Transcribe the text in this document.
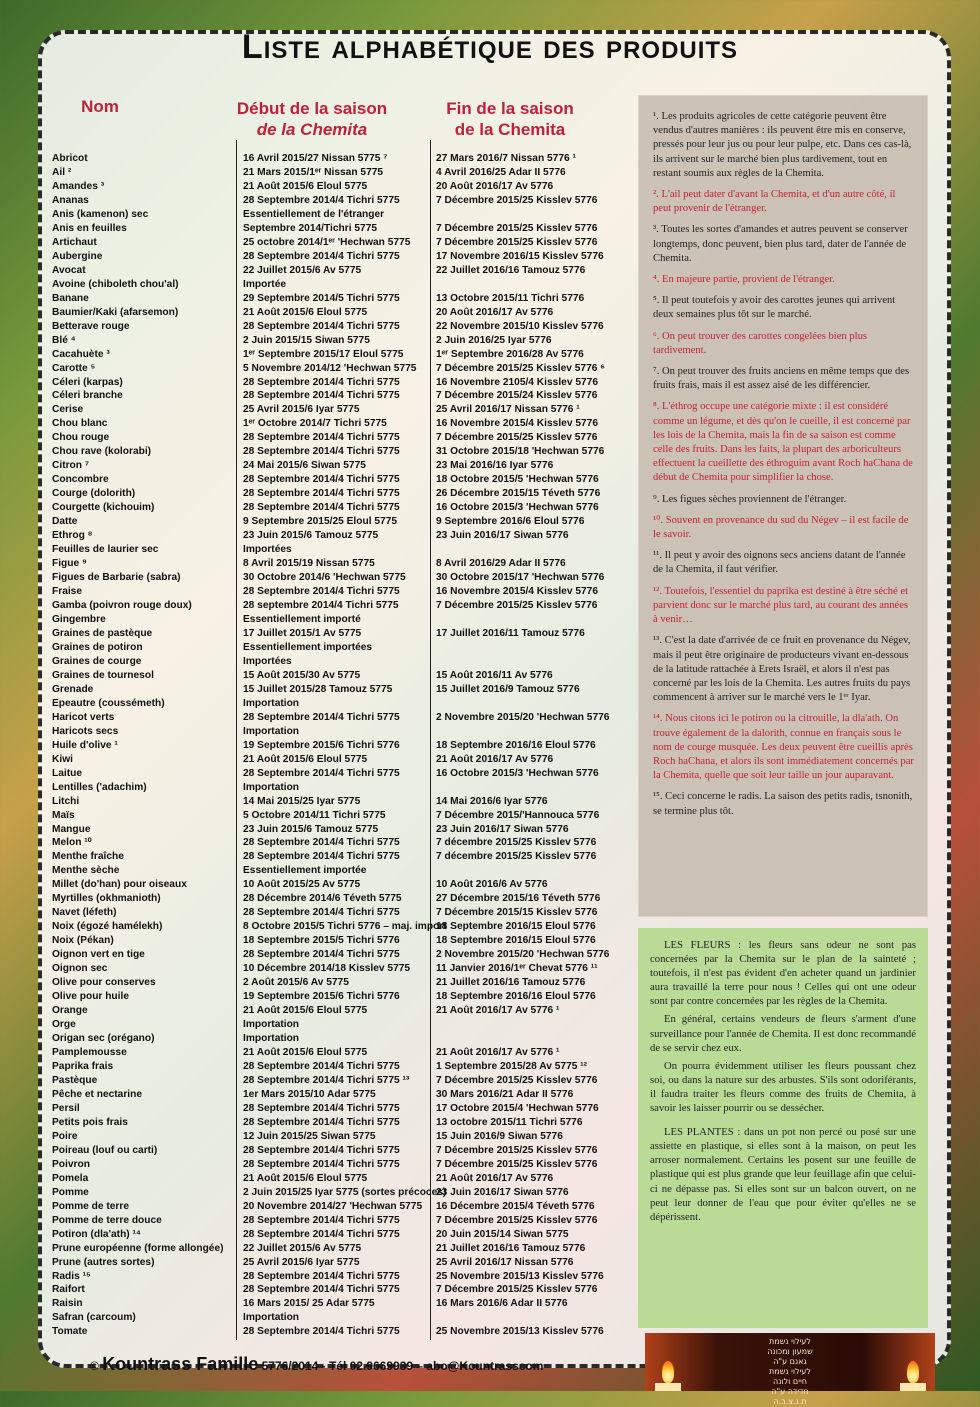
Liste alphabétique des produits
Nom	Début de la saison
de la Chemita
Fin de la saison
de la Chemita
Abricot
Ail ²
Amandes ³
Ananas
Anis (kamenon) sec
Anis en feuilles
Artichaut
Aubergine
Avocat
Avoine (chiboleth chou'al)
Banane
Baumier/Kaki (afarsemon)
Betterave rouge
Blé ⁴
Cacahuète ³
Carotte ⁵
Céleri (karpas)
Céleri branche
Cerise
Chou blanc
Chou rouge
Chou rave (kolorabi)
Citron ⁷
Concombre
Courge (dolorith)
Courgette (kichouim)
Datte
Ethrog ⁸
Feuilles de laurier sec
Figue ⁹
Figues de Barbarie (sabra)
Fraise
Gamba (poivron rouge doux)
Gingembre
Graines de pastèque
Graines de potiron
Graines de courge
Graines de tournesol
Grenade
Epeautre (coussémeth)
Haricot verts
Haricots secs
Huile d'olive ¹
Kiwi
Laitue
Lentilles ('adachim)
Litchi
Maïs
Mangue
Melon ¹⁰
Menthe fraîche
Menthe sèche
Millet (do'han) pour oiseaux
Myrtilles (okhmanioth)
Navet (léfeth)
Noix (égozé hamélekh)
Noix (Pékan)
Oignon vert en tige
Oignon sec
Olive pour conserves
Olive pour huile
Orange
Orge
Origan sec (orégano)
Pamplemousse
Paprika frais
Pastèque
Pêche et nectarine
Persil
Petits pois frais
Poire
Poireau (louf ou carti)
Poivron
Pomela
Pomme
Pomme de terre
Pomme de terre douce
Potiron (dla'ath) ¹⁴
Prune européenne (forme allongée)
Prune (autres sortes)
Radis ¹⁵
Raifort
Raisin
Safran (carcoum)
Tomate
16 Avril 2015/27 Nissan 5775 ⁷
21 Mars 2015/1ᵉʳ Nissan 5775
21 Août 2015/6 Eloul 5775
28 Septembre 2014/4 Tichri 5775
Essentiellement de l'étranger
Septembre 2014/Tichri 5775
25 octobre 2014/1ᵉʳ 'Hechwan 5775
28 Septembre 2014/4 Tichri 5775
22 Juillet 2015/6 Av 5775
Importée
29 Septembre 2014/5 Tichri 5775
21 Août 2015/6 Eloul 5775
28 Septembre 2014/4 Tichri 5775
2 Juin 2015/15 Siwan 5775
1ᵉʳ Septembre 2015/17 Eloul 5775
5 Novembre 2014/12 'Hechwan 5775
28 Septembre 2014/4 Tichri 5775
28 Septembre 2014/4 Tichri 5775
25 Avril 2015/6 Iyar 5775
1ᵉʳ Octobre 2014/7 Tichri 5775
28 Septembre 2014/4 Tichri 5775
28 Septembre 2014/4 Tichri 5775
24 Mai 2015/6 Siwan 5775
28 Septembre 2014/4 Tichri 5775
28 Septembre 2014/4 Tichri 5775
28 Septembre 2014/4 Tichri 5775
9 Septembre 2015/25 Eloul 5775
23 Juin 2015/6 Tamouz 5775
Importées
8 Avril 2015/19 Nissan 5775
30 Octobre 2014/6 'Hechwan 5775
28 Septembre 2014/4 Tichri 5775
28 septembre 2014/4 Tichri 5775
Essentiellement importé
17 Juillet 2015/1 Av 5775
Essentiellement importées
Importées
15 Août 2015/30 Av 5775
15 Juillet 2015/28 Tamouz 5775
Importation
28 Septembre 2014/4 Tichri 5775
Importation
19 Septembre 2015/6 Tichri 5776
21 Août 2015/6 Eloul 5775
28 Septembre 2014/4 Tichri 5775
Importation
14 Mai 2015/25 Iyar 5775
5 Octobre 2014/11 Tichri 5775
23 Juin 2015/6 Tamouz 5775
28 Septembre 2014/4 Tichri 5775
28 Septembre 2014/4 Tichri 5775
Essentiellement importée
10 Août 2015/25 Av 5775
28 Décembre 2014/6 Téveth 5775
28 Septembre 2014/4 Tichri 5775
8 Octobre 2015/5 Tichri 5776 – maj. import
18 Septembre 2015/5 Tichri 5776
28 Septembre 2014/4 Tichri 5775
10 Décembre 2014/18 Kisslev 5775
2 Août 2015/6 Av 5775
19 Septembre 2015/6 Tichri 5776
21 Août 2015/6 Eloul 5775
Importation
Importation
21 Août 2015/6 Eloul 5775
28 Septembre 2014/4 Tichri 5775
28 Septembre 2014/4 Tichri 5775 ¹³
1er Mars 2015/10 Adar 5775
28 Septembre 2014/4 Tichri 5775
28 Septembre 2014/4 Tichri 5775
12 Juin 2015/25 Siwan 5775
28 Septembre 2014/4 Tichri 5775
28 Septembre 2014/4 Tichri 5775
21 Août 2015/6 Eloul 5775
2 Juin 2015/25 Iyar 5775 (sortes précoces)
20 Novembre 2014/27 'Hechwan 5775
28 Septembre 2014/4 Tichri 5775
28 Septembre 2014/4 Tichri 5775
22 Juillet 2015/6 Av 5775
25 Avril 2015/6 Iyar 5775
28 Septembre 2014/4 Tichri 5775
28 Septembre 2014/4 Tichri 5775
16 Mars 2015/ 25 Adar 5775
Importation
28 Septembre 2014/4 Tichri 5775
27 Mars 2016/7 Nissan 5776 ¹
4 Avril 2016/25 Adar II 5776
20 Août 2016/17 Av 5776
7 Décembre 2015/25 Kisslev 5776
7 Décembre 2015/25 Kisslev 5776
7 Décembre 2015/25 Kisslev 5776
17 Novembre 2016/15 Kisslev 5776
22 Juillet 2016/16 Tamouz 5776
13 Octobre 2015/11 Tichri 5776
20 Août 2016/17 Av 5776
22 Novembre 2015/10 Kisslev 5776
2 Juin 2016/25 Iyar 5776
1ᵉʳ Septembre 2016/28 Av 5776
7 Décembre 2015/25 Kisslev 5776 ⁶
16 Novembre 2105/4 Kisslev 5776
7 Décembre 2015/24 Kisslev 5776
25 Avril 2016/17 Nissan 5776 ¹
16 Novembre 2015/4 Kisslev 5776
7 Décembre 2015/25 Kisslev 5776
31 Octobre 2015/18 'Hechwan 5776
23 Mai 2016/16 Iyar 5776
18 Octobre 2015/5 'Hechwan 5776
26 Décembre 2015/15 Téveth 5776
16 Octobre 2015/3 'Hechwan 5776
9 Septembre 2016/6 Eloul 5776
23 Juin 2016/17 Siwan 5776
8 Avril 2016/29 Adar II 5776
30 Octobre 2015/17 'Hechwan 5776
16 Novembre 2015/4 Kisslev 5776
7 Décembre 2015/25 Kisslev 5776
17 Juillet 2016/11 Tamouz 5776
15 Août 2016/11 Av 5776
15 Juillet 2016/9 Tamouz 5776
2 Novembre 2015/20 'Hechwan 5776
18 Septembre 2016/16 Eloul 5776
21 Août 2016/17 Av 5776
16 Octobre 2015/3 'Hechwan 5776
14 Mai 2016/6 Iyar 5776
7 Décembre 2015/'Hannouca 5776
23 Juin 2016/17 Siwan 5776
7 décembre 2015/25 Kisslev 5776
7 décembre 2015/25 Kisslev 5776
10 Août 2016/6 Av 5776
27 Décembre 2015/16 Téveth 5776
7 Décembre 2015/15 Kisslev 5776
18 Septembre 2016/15 Eloul 5776
18 Septembre 2016/15 Eloul 5776
2 Novembre 2015/20 'Hechwan 5776
11 Janvier 2016/1ᵉʳ Chevat 5776 ¹¹
21 Juillet 2016/16 Tamouz 5776
18 Septembre 2016/16 Eloul 5776
21 Août 2016/17 Av 5776 ¹
21 Août 2016/17 Av 5776 ¹
1 Septembre 2015/28 Av 5775 ¹²
7 Décembre 2015/25 Kisslev 5776
30 Mars 2016/21 Adar II 5776
17 Octobre 2015/4 'Hechwan 5776
13 octobre 2015/11 Tichri 5776
15 Juin 2016/9 Siwan 5776
7 Décembre 2015/25 Kisslev 5776
7 Décembre 2015/25 Kisslev 5776
21 Août 2016/17 Av 5776
23 Juin 2016/17 Siwan 5776
16 Décembre 2015/4 Téveth 5776
7 Décembre 2015/25 Kisslev 5776
20 Juin 2015/14 Siwan 5775
21 Juillet 2016/16 Tamouz 5776
25 Avril 2016/17 Nissan 5776
25 Novembre 2015/13 Kisslev 5776
7 Décembre 2015/25 Kisslev 5776
16 Mars 2016/6 Adar II 5776
25 Novembre 2015/13 Kisslev 5776
¹. Les produits agricoles de cette catégorie peuvent être vendus d'autres manières : ils peuvent être mis en conserve, pressés pour leur jus ou pour leur pulpe, etc. Dans ces cas-là, ils arrivent sur le marché bien plus tardivement, tout en restant soumis aux règles de la Chemita.
². L'ail peut dater d'avant la Chemita, et d'un autre côté, il peut provenir de l'étranger.
³. Toutes les sortes d'amandes et autres peuvent se conserver longtemps, donc peuvent, bien plus tard, dater de l'année de Chemita.
⁴. En majeure partie, provient de l'étranger.
⁵. Il peut toutefois y avoir des carottes jeunes qui arrivent deux semaines plus tôt sur le marché.
⁶. On peut trouver des carottes congelées bien plus tardivement.
⁷. On peut trouver des fruits anciens en même temps que des fruits frais, mais il est assez aisé de les différencier.
⁸. L'éthrog occupe une catégorie mixte : il est considéré comme un légume, et dès qu'on le cueille, il est concerné par les lois de la Chemita, mais la fin de sa saison est comme celle des fruits. Dans les faits, la plupart des arboriculteurs effectuent la cueillette des éthroguim avant Roch haChana de début de Chemita pour simplifier la chose.
⁹. Les figues sèches proviennent de l'étranger.
¹⁰. Souvent en provenance du sud du Négev – il est facile de le savoir.
¹¹. Il peut y avoir des oignons secs anciens datant de l'année de la Chemita, il faut vérifier.
¹². Toutefois, l'essentiel du paprika est destiné à être séché et parvient donc sur le marché plus tard, au courant des années à venir…
¹³. C'est la date d'arrivée de ce fruit en provenance du Négev, mais il peut être originaire de producteurs vivant en-dessous de la latitude rattachée à Erets Israël, et alors il n'est pas concerné par les lois de la Chemita. Les autres fruits du pays commencent à arriver sur le marché vers le 1ᵉʳ Iyar.
¹⁴. Nous citons ici le potiron ou la citrouille, la dla'ath. On trouve également de la dalorith, connue en français sous le nom de courge musquée. Les deux peuvent être cueillis après Roch haChana, et alors ils sont immédiatement concernés par la Chemita, quelle que soit leur taille un jour auparavant.
¹⁵. Ceci concerne le radis. La saison des petits radis, tsnonith, se termine plus tôt.

LES FLEURS : les fleurs sans odeur ne sont pas concernées par la Chemita sur le plan de la sainteté ; toutefois, il n'est pas évident d'en acheter quand un jardinier aura travaillé la terre pour nous ! Celles qui ont une odeur sont par contre concernées par les règles de la Chemita.

En général, certains vendeurs de fleurs s'arment d'une surveillance pour l'année de Chemita. Il est donc recommandé de se servir chez eux.

On pourra évidemment utiliser les fleurs poussant chez soi, ou dans la nature sur des arbustes. S'ils sont odoriférants, il faudra traiter les fleurs comme des fruits de Chemita, à savoir les laisser pourrir ou se dessécher.

LES PLANTES : dans un pot non percé ou posé sur une assiette en plastique, si elles sont à la maison, on peut les arroser normalement. Certains les posent sur une feuille de plastique qui est plus grande que leur feuillage afin que celui-ci ne dépasse pas. Si elles sont sur un balcon ouvert, on ne peut leur donner de l'eau que pour éviter qu'elles ne se dépérissent.

לעילוי נשמת
שמעון ומכונה
גאנם ע"ה
לעילוי נשמת
חיים ולונה
חדידה ע"ה
ת.נ.צ.ב.ה
© Kountrass Famille 5776/2014 - Tél 02.9669939 – abo@Kountrasscom
